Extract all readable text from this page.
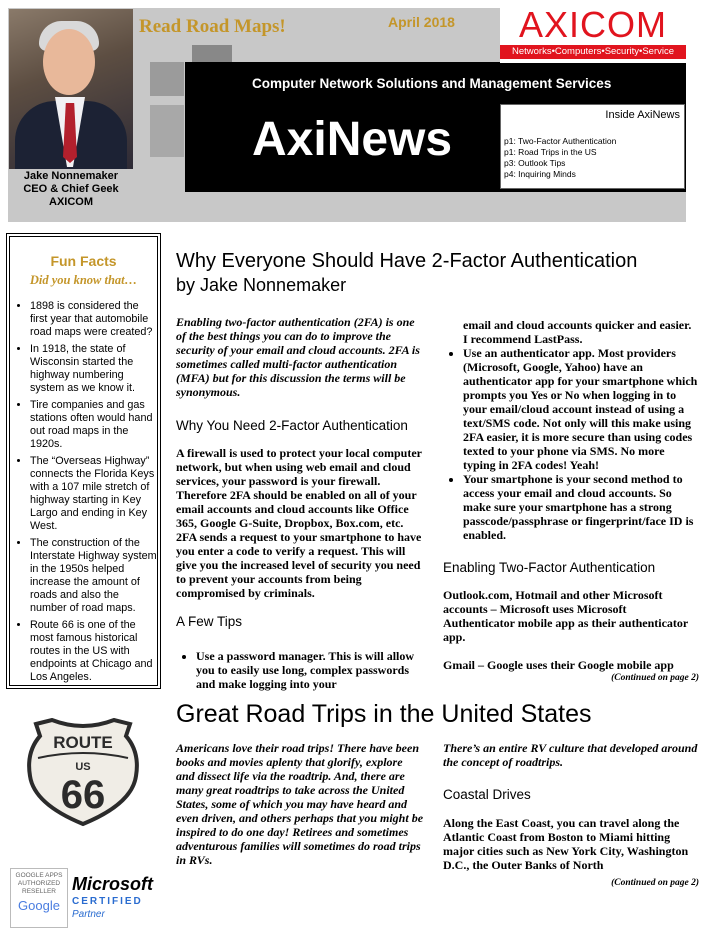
Jake Nonnemaker
CEO & Chief Geek
AXICOM
Read Road Maps!	April 2018	AXICOM
Networks•Computers•Security•Service
Computer Network Solutions and Management Services
AxiNews	Inside AxiNews
p1: Two-Factor Authentication
p1: Road Trips in the US
p3: Outlook Tips
p4: Inquiring Minds
Fun Facts
Did you know that…
• 1898 is considered the first year that automobile road maps were created?
• In 1918, the state of Wisconsin started the highway numbering system as we know it.
• Tire companies and gas stations often would hand out road maps in the 1920s.
• The “Overseas Highway” connects the Florida Keys with a 107 mile stretch of highway starting in Key Largo and ending in Key West.
• The construction of the Interstate Highway system in the 1950s helped increase the amount of roads and also the number of road maps.
• Route 66 is one of the most famous historical routes in the US with endpoints at Chicago and Los Angeles.
Why Everyone Should Have 2-Factor Authentication
by Jake Nonnemaker
Enabling two-factor authentication (2FA) is one of the best things you can do to improve the security of your email and cloud accounts. 2FA is sometimes called multi-factor authentication (MFA) but for this discussion the terms will be synonymous.
Why You Need 2-Factor Authentication
A firewall is used to protect your local computer network, but when using web email and cloud services, your password is your firewall. Therefore 2FA should be enabled on all of your email accounts and cloud accounts like Office 365, Google G-Suite, Dropbox, Box.com, etc. 2FA sends a request to your smartphone to have you enter a code to verify a request. This will give you the increased level of security you need to prevent your accounts from being compromised by criminals.
A Few Tips
• Use a password manager. This is will allow you to easily use long, complex passwords and make logging into your
email and cloud accounts quicker and easier. I recommend LastPass.
• Use an authenticator app. Most providers (Microsoft, Google, Yahoo) have an authenticator app for your smartphone which prompts you Yes or No when logging in to your email/cloud account instead of using a text/SMS code. Not only will this make using 2FA easier, it is more secure than using codes texted to your phone via SMS. No more typing in 2FA codes! Yeah!
• Your smartphone is your second method to access your email and cloud accounts. So make sure your smartphone has a strong passcode/passphrase or fingerprint/face ID is enabled.
Enabling Two-Factor Authentication
Outlook.com, Hotmail and other Microsoft accounts – Microsoft uses Microsoft Authenticator mobile app as their authenticator app.
Gmail – Google uses their Google mobile app
(Continued on page 2)
Great Road Trips in the United States
Americans love their road trips! There have been books and movies aplenty that glorify, explore and dissect life via the roadtrip. And, there are many great roadtrips to take across the United States, some of which you may have heard and even driven, and others perhaps that you might be inspired to do one day! Retirees and sometimes adventurous families will sometimes do road trips in RVs.
There’s an entire RV culture that developed around the concept of roadtrips.
Coastal Drives
Along the East Coast, you can travel along the Atlantic Coast from Boston to Miami hitting major cities such as New York City, Washington D.C., the Outer Banks of North
(Continued on page 2)
ROUTE
US
66
GOOGLE APPS
AUTHORIZED
RESELLER
Google
Microsoft
CERTIFIED
Partner
